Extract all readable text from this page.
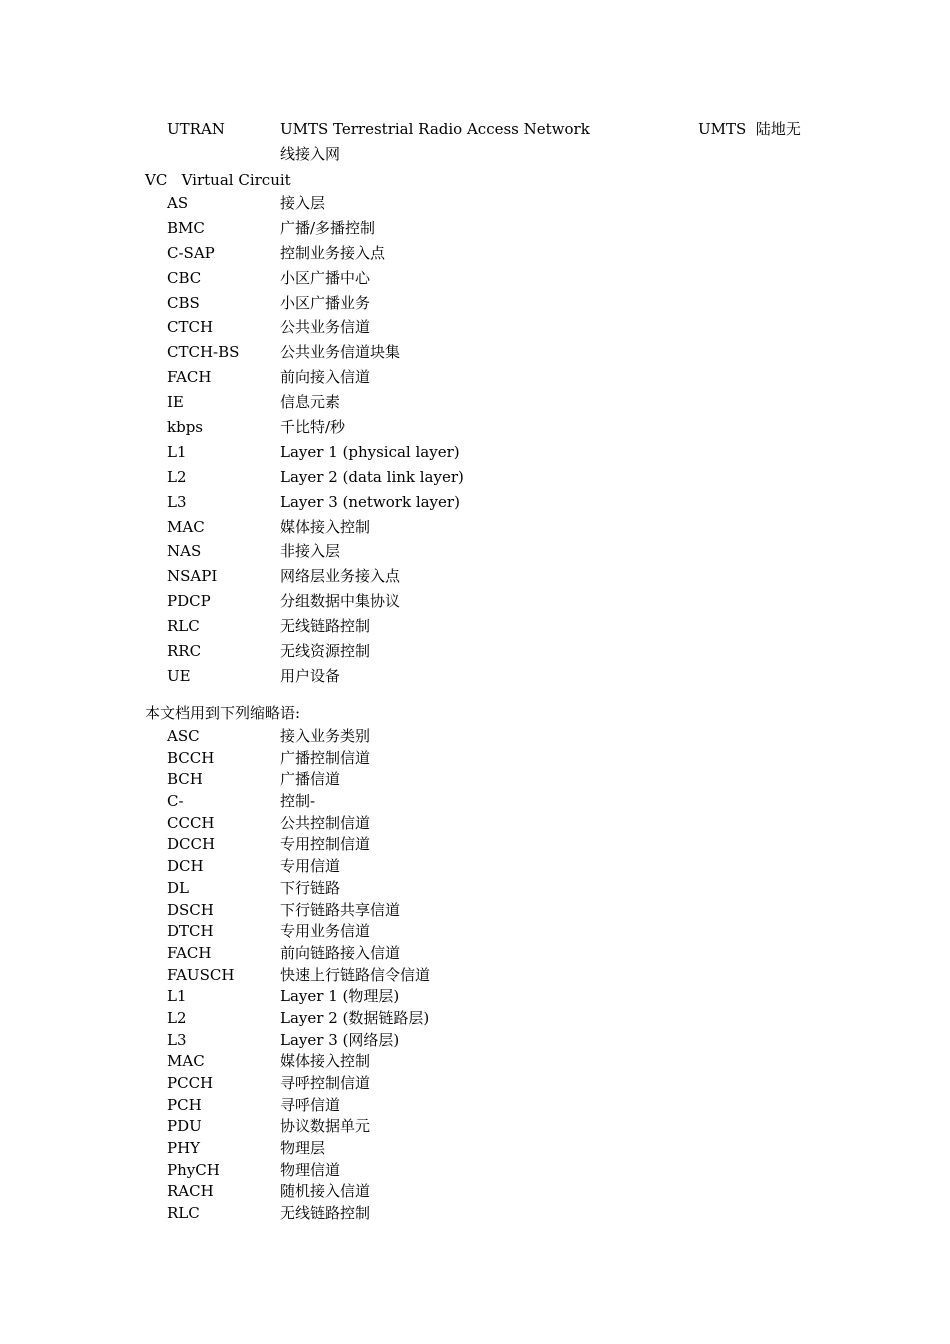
UTRAN	UMTS Terrestrial Radio Access Network	UMTS  陆地无
线接入网
VC   Virtual Circuit
AS	接入层
BMC	广播/多播控制
C-SAP	控制业务接入点
CBC	小区广播中心
CBS	小区广播业务
CTCH	公共业务信道
CTCH-BS	公共业务信道块集
FACH	前向接入信道
IE	信息元素
kbps	千比特/秒
L1	Layer 1 (physical layer)
L2	Layer 2 (data link layer)
L3	Layer 3 (network layer)
MAC	媒体接入控制
NAS	非接入层
NSAPI	网络层业务接入点
PDCP	分组数据中集协议
RLC	无线链路控制
RRC	无线资源控制
UE	用户设备
本文档用到下列缩略语:
ASC	接入业务类别
BCCH	广播控制信道
BCH	广播信道
C-	控制-
CCCH	公共控制信道
DCCH	专用控制信道
DCH	专用信道
DL	下行链路
DSCH	下行链路共享信道
DTCH	专用业务信道
FACH	前向链路接入信道
FAUSCH	快速上行链路信令信道
L1	Layer 1 (物理层)
L2	Layer 2 (数据链路层)
L3	Layer 3 (网络层)
MAC	媒体接入控制
PCCH	寻呼控制信道
PCH	寻呼信道
PDU	协议数据单元
PHY	物理层
PhyCH	物理信道
RACH	随机接入信道
RLC	无线链路控制
